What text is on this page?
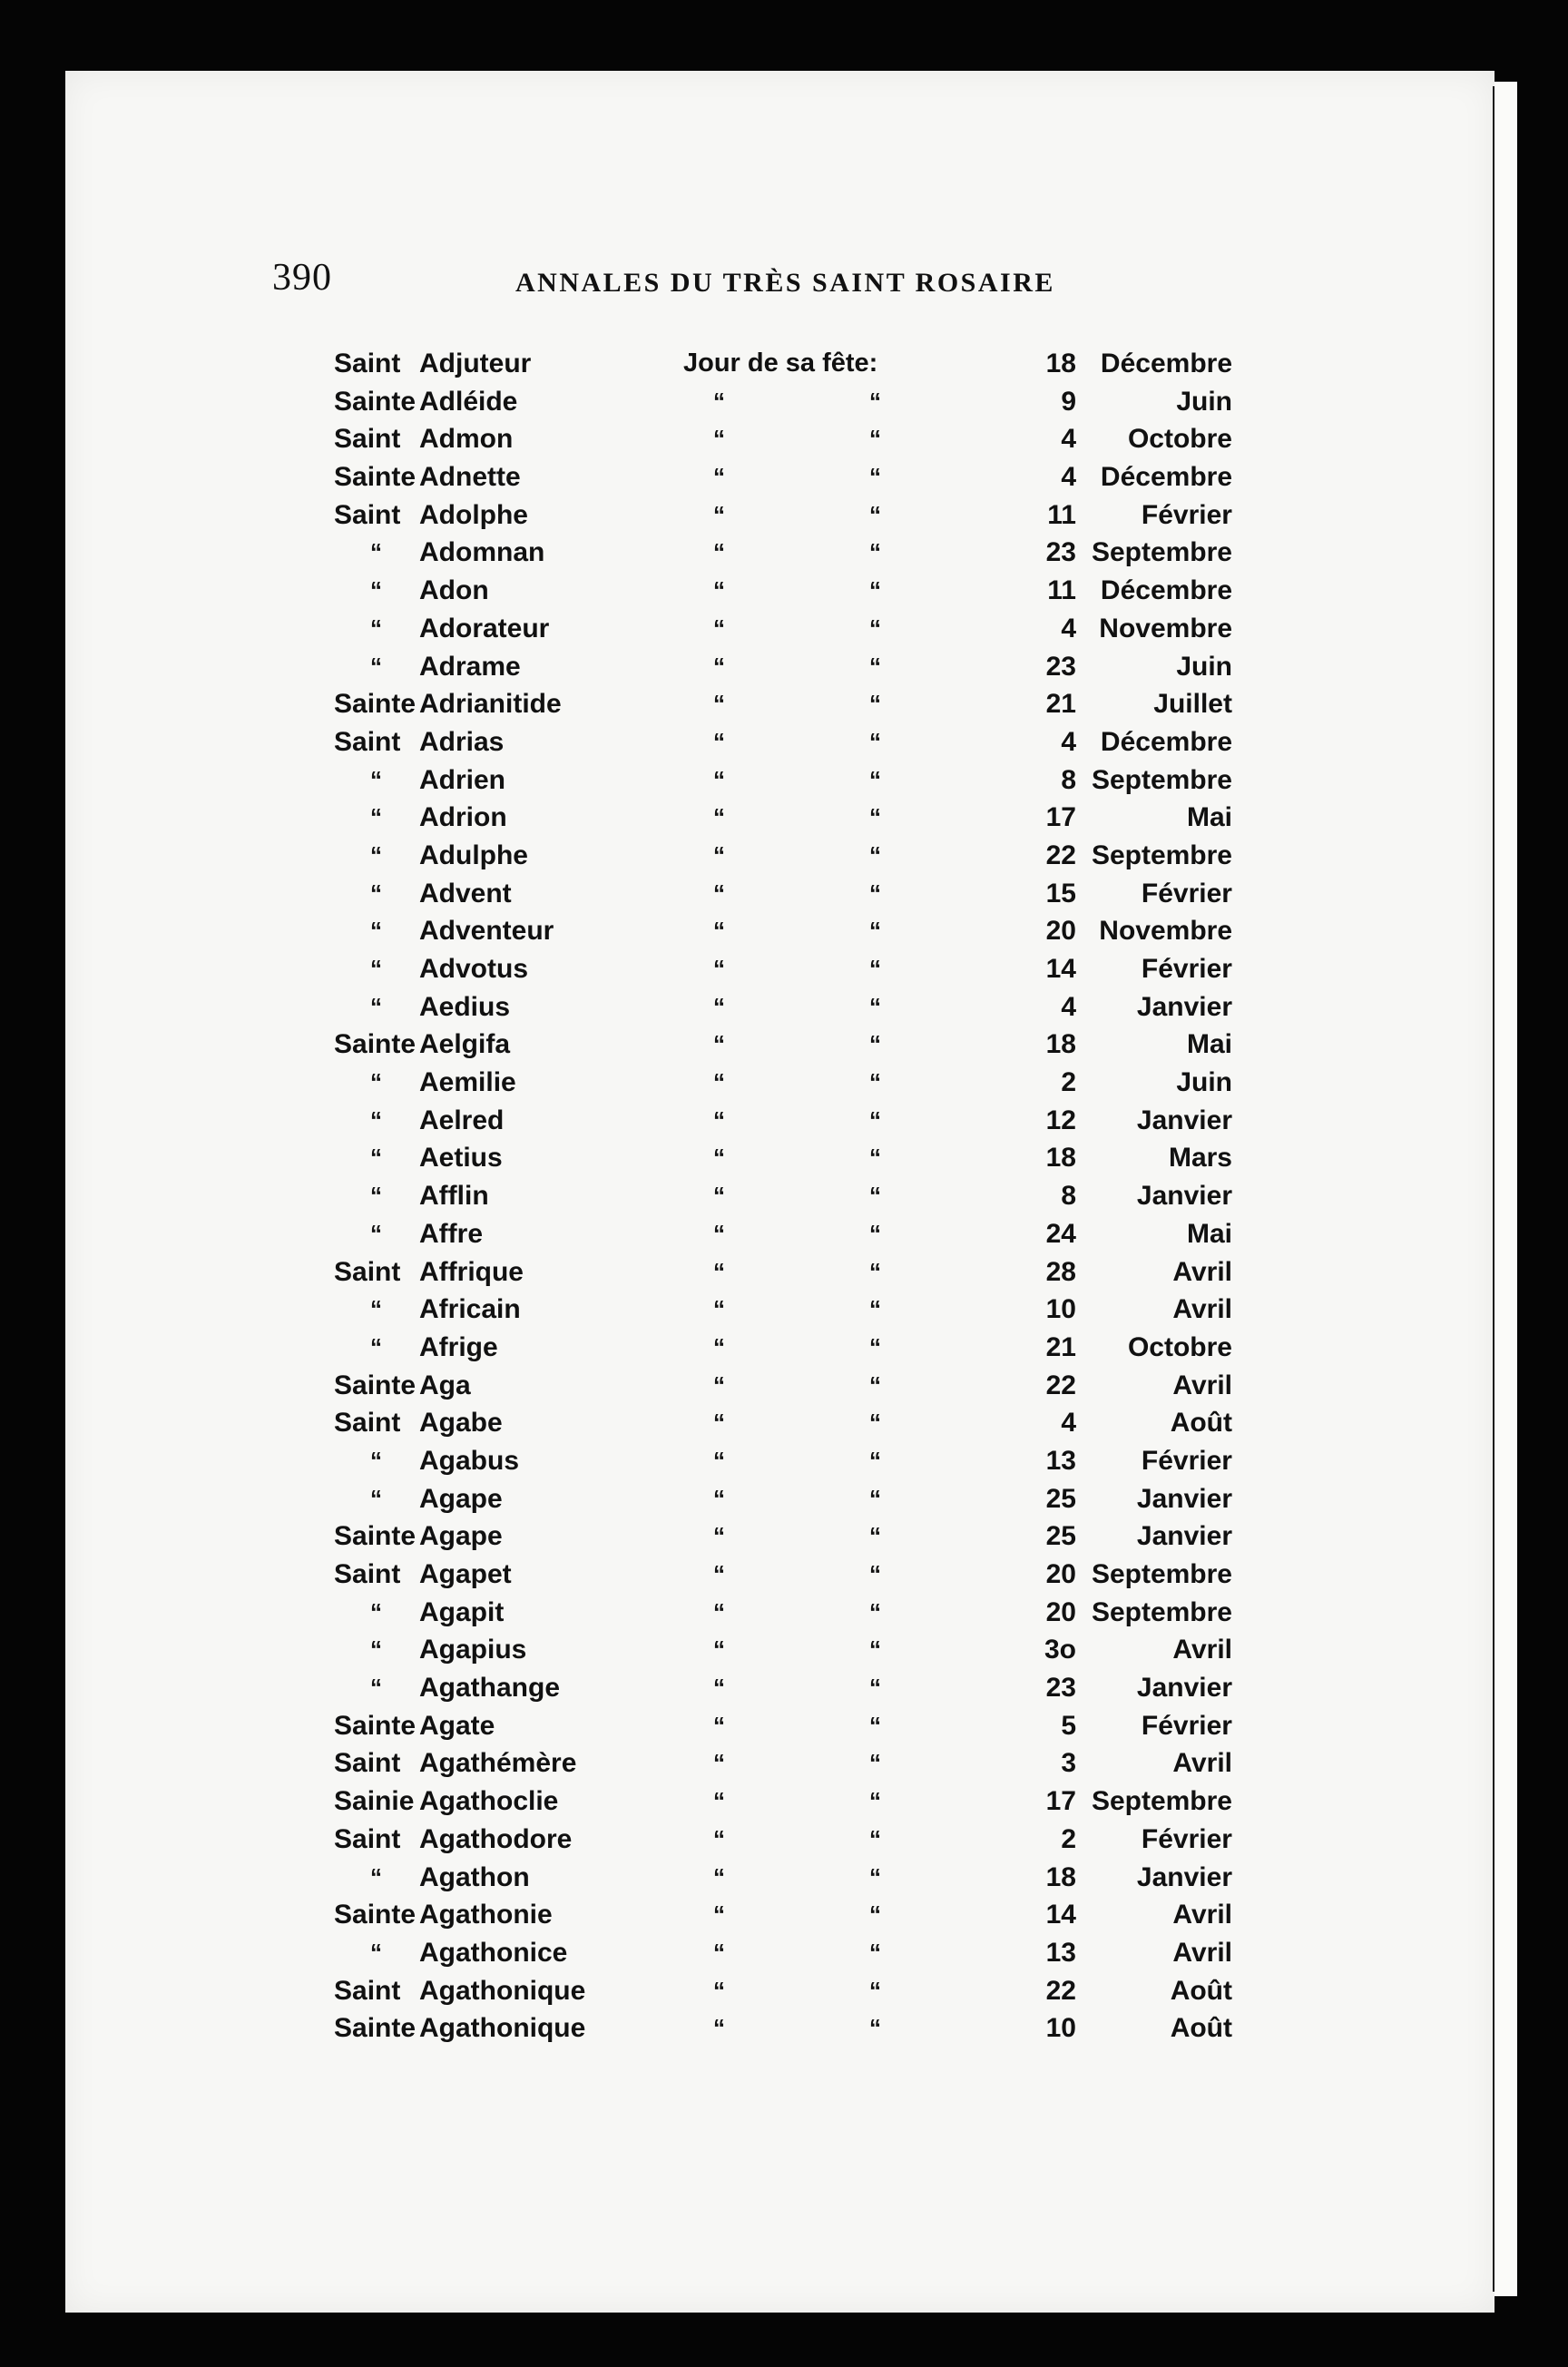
390	ANNALES DU TRÈS SAINT ROSAIRE
Saint Adjuteur	Jour de sa fête:	18 Décembre
Sainte Adléide	“	“	9	Juin
Saint Admon	“	“	4	Octobre
Sainte Adnette	“	“	4 Décembre
Saint Adolphe	“	“	11	Février
“ Adomnan	“	“	23 Septembre
“ Adon	“	“	11 Décembre
“ Adorateur	“	“	4 Novembre
“ Adrame	“	“	23	Juin
Sainte Adrianitide	“	“	21	Juillet
Saint Adrias	“	“	4 Décembre
“ Adrien	“	“	8 Septembre
“ Adrion	“	“	17	Mai
“ Adulphe	“	“	22 Septembre
“ Advent	“	“	15	Février
“ Adventeur	“	“	20 Novembre
“ Advotus	“	“	14	Février
“ Aedius	“	“	4	Janvier
Sainte Aelgifa	“	“	18	Mai
“ Aemilie	“	“	2	Juin
“ Aelred	“	“	12	Janvier
“ Aetius	“	“	18	Mars
“ Afflin	“	“	8	Janvier
“ Affre	“	“	24	Mai
Saint Affrique	“	“	28	Avril
“ Africain	“	“	10	Avril
“ Afrige	“	“	21	Octobre
Sainte Aga	“	“	22	Avril
Saint Agabe	“	“	4	Août
“ Agabus	“	“	13	Février
“ Agape	“	“	25	Janvier
Sainte Agape	“	“	25	Janvier
Saint Agapet	“	“	20 Septembre
“ Agapit	“	“	20 Septembre
“ Agapius	“	“	3o	Avril
“ Agathange	“	“	23	Janvier
Sainte Agate	“	“	5	Février
Saint Agathémère	“	“	3	Avril
Sainie Agathoclie	“	“	17 Septembre
Saint Agathodore	“	“	2	Février
“ Agathon	“	“	18	Janvier
Sainte Agathonie	“	“	14	Avril
“ Agathonice	“	“	13	Avril
Saint Agathonique	“	“	22	Août
Sainte Agathonique	“	“	10	Août
